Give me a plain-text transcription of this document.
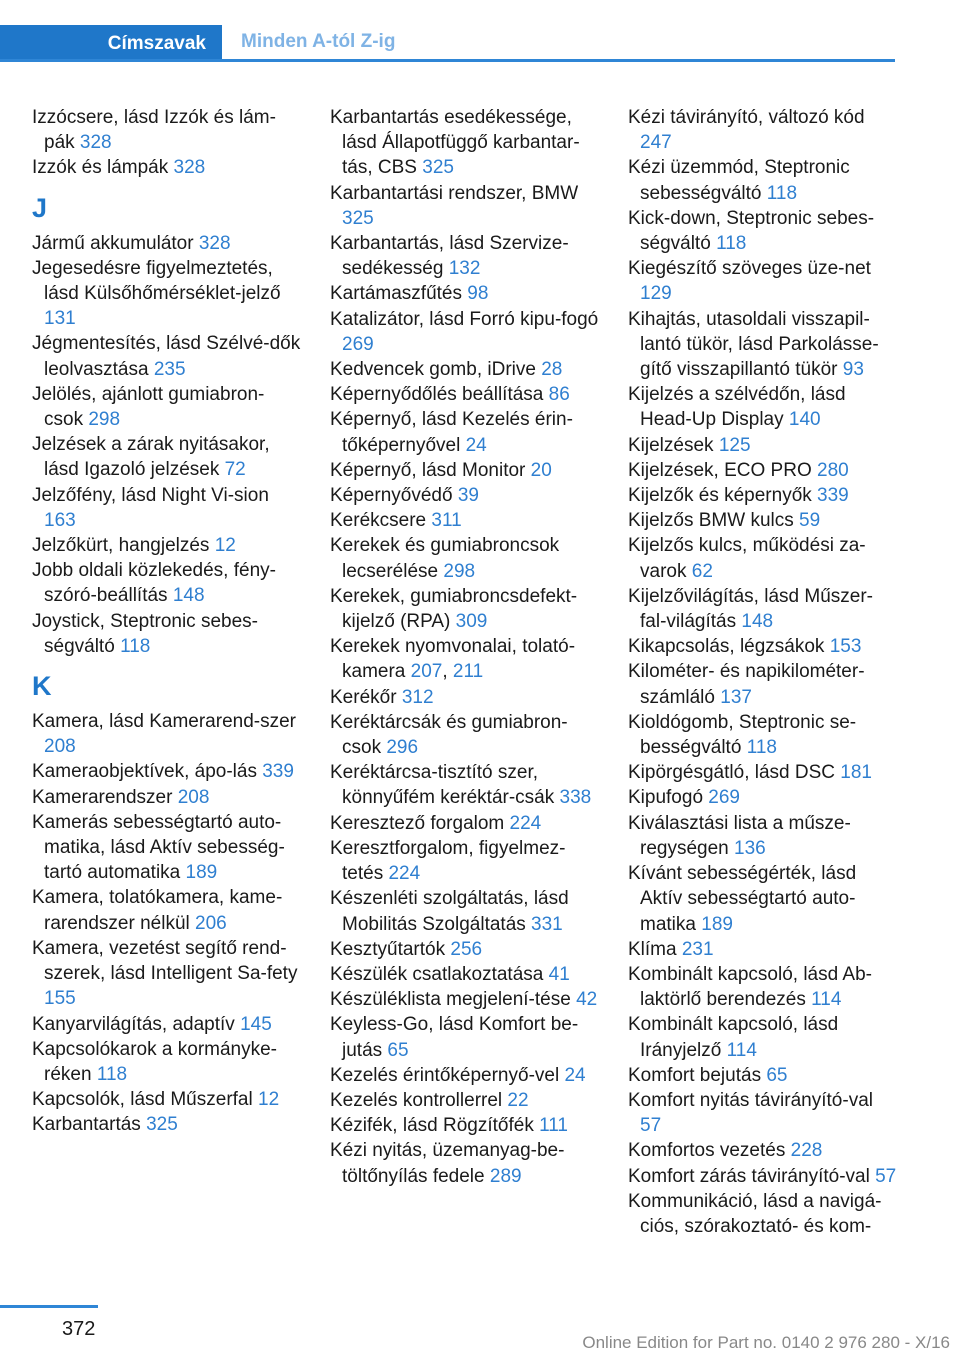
Címszavak Minden A-tól Z-ig
Izzócsere, lásd Izzók és lám-pák 328
Izzók és lámpák 328
J
Jármű akkumulátor 328
Jegesedésre figyelmeztetés, lásd Külsőhőmérséklet-jelző 131
Jégmentesítés, lásd Szélvé-dők leolvasztása 235
Jelölés, ajánlott gumiabron-csok 298
Jelzések a zárak nyitásakor, lásd Igazoló jelzések 72
Jelzőfény, lásd Night Vi-sion 163
Jelzőkürt, hangjelzés 12
Jobb oldali közlekedés, fény-szóró-beállítás 148
Joystick, Steptronic sebes-ségváltó 118
K
Kamera, lásd Kamerarend-szer 208
Kameraobjektívek, ápo-lás 339
Kamerarendszer 208
Kamerás sebességtartó auto-matika, lásd Aktív sebesség-tartó automatika 189
Kamera, tolatókamera, kame-rarendszer nélkül 206
Kamera, vezetést segítő rend-szerek, lásd Intelligent Sa-fety 155
Kanyarvilágítás, adaptív 145
Kapcsolókarok a kormányke-réken 118
Kapcsolók, lásd Műszerfal 12
Karbantartás 325
Karbantartás esedékessége, lásd Állapotfüggő karbantar-tás, CBS 325
Karbantartási rendszer, BMW 325
Karbantartás, lásd Szervize-sedékesség 132
Kartámaszfűtés 98
Katalizátor, lásd Forró kipu-fogó 269
Kedvencek gomb, iDrive 28
Képernyődőlés beállítása 86
Képernyő, lásd Kezelés érin-tőképernyővel 24
Képernyő, lásd Monitor 20
Képernyővédő 39
Kerékcsere 311
Kerekek és gumiabroncsok lecserélése 298
Kerekek, gumiabroncsdefekt-kijelző (RPA) 309
Kerekek nyomvonalai, tolató-kamera 207, 211
Kerékőr 312
Keréktárcsák és gumiabron-csok 296
Keréktárcsa-tisztító szer, könnyűfém keréktár-csák 338
Keresztező forgalom 224
Keresztforgalom, figyelmez-tetés 224
Készenléti szolgáltatás, lásd Mobilitás Szolgáltatás 331
Kesztyűtartók 256
Készülék csatlakoztatása 41
Készüléklista megjelení-tése 42
Keyless-Go, lásd Komfort be-jutás 65
Kezelés érintőképernyő-vel 24
Kezelés kontrollerrel 22
Kézifék, lásd Rögzítőfék 111
Kézi nyitás, üzemanyag-be-töltőnyílás fedele 289
Kézi távirányító, változó kód 247
Kézi üzemmód, Steptronic sebességváltó 118
Kick-down, Steptronic sebes-ségváltó 118
Kiegészítő szöveges üze-net 129
Kihajtás, utasoldali visszapil-lantó tükör, lásd Parkolásse-gítő visszapillantó tükör 93
Kijelzés a szélvédőn, lásd Head-Up Display 140
Kijelzések 125
Kijelzések, ECO PRO 280
Kijelzők és képernyők 339
Kijelzős BMW kulcs 59
Kijelzős kulcs, működési za-varok 62
Kijelzővilágítás, lásd Műszer-fal-világítás 148
Kikapcsolás, légzsákok 153
Kilométer- és napikilométer-számláló 137
Kioldógomb, Steptronic se-bességváltó 118
Kipörgésgátló, lásd DSC 181
Kipufogó 269
Kiválasztási lista a műsze-regységen 136
Kívánt sebességérték, lásd Aktív sebességtartó auto-matika 189
Klíma 231
Kombinált kapcsoló, lásd Ab-laktörlő berendezés 114
Kombinált kapcsoló, lásd Irányjelző 114
Komfort bejutás 65
Komfort nyitás távirányító-val 57
Komfortos vezetés 228
Komfort zárás távirányító-val 57
Kommunikáció, lásd a navigá-ciós, szórakoztató- és kom-
372
Online Edition for Part no. 0140 2 976 280 - X/16
